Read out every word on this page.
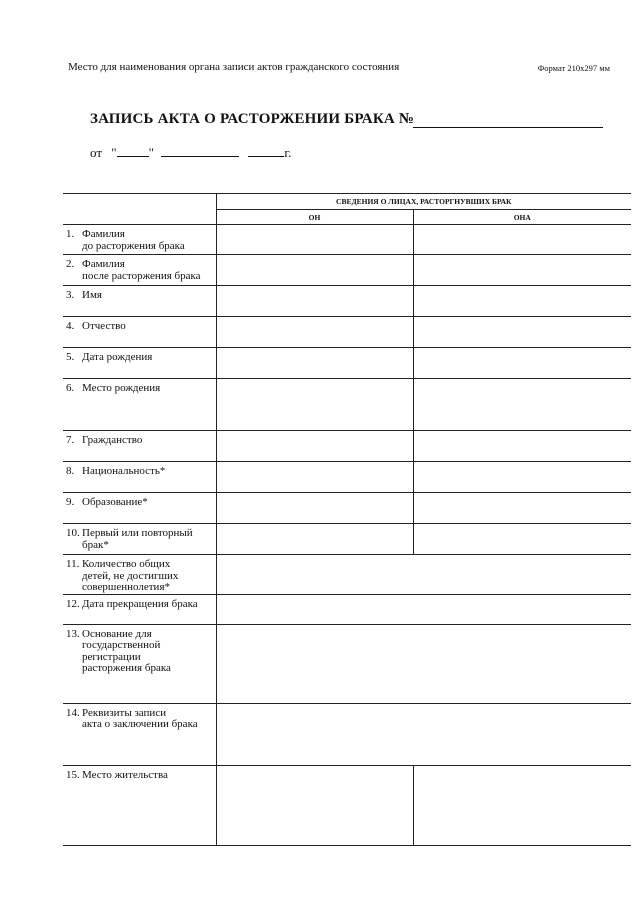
Место для наименования органа записи актов гражданского состояния	Формат 210x297 мм
ЗАПИСЬ АКТА О РАСТОРЖЕНИИ БРАКА №
от " "	г.
	СВЕДЕНИЯ О ЛИЦАХ, РАСТОРГНУВШИХ БРАК	
	ОН	ОНА

1. Фамилия
до расторжения брака		

2. Фамилия
после расторжения брака		

3. Имя		

4. Отчество		

5. Дата рождения		

6. Место рождения		

7. Гражданство		

8. Национальность*		

9. Образование*		

10. Первый или повторный
брак*		

11. Количество общих
детей, не достигших
совершеннолетия*		

12. Дата прекращения брака		

13. Основание для
государственной
регистрации
расторжения брака		

14. Реквизиты записи
акта о заключении брака		

15. Место жительства		
